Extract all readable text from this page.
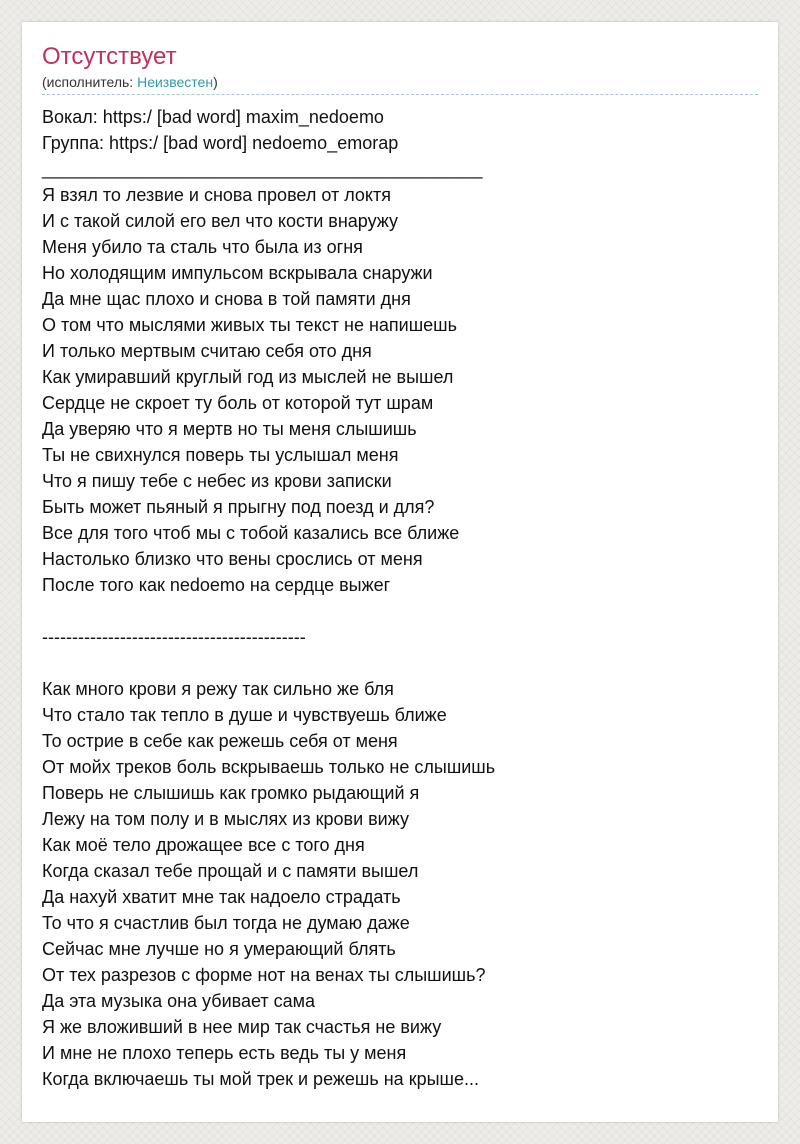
Отсутствует
(исполнитель: Неизвестен)
Вокал: https:/ [bad word] maxim_nedoemo
Группа: https:/ [bad word] nedoemo_emorap
____________________________________________
Я взял то лезвие и снова провел от локтя
И с такой силой его вел что кости внаружу
Меня убило та сталь что была из огня
Но холодящим импульсом вскрывала снаружи
Да мне щас плохо и снова в той памяти дня
О том что мыслями живых ты текст не напишешь
И только мертвым считаю себя ото дня
Как умиравший круглый год из мыслей не вышел
Сердце не скроет ту боль от которой тут шрам
Да уверяю что я мертв но ты меня слышишь
Ты не свихнулся поверь ты услышал меня
Что я пишу тебе с небес из крови записки
Быть может пьяный я прыгну под поезд и для?
Все для того чтоб мы с тобой казались все ближе
Настолько близко что вены срослись от меня
После того как nedoemo на сердце выжег
--------------------------------------------
Как много крови я режу так сильно же бля
Что стало так тепло в душе и чувствуешь ближе
То острие в себе как режешь себя от меня
От мойх треков боль вскрываешь только не слышишь
Поверь не слышишь как громко рыдающий я
Лежу на том полу и в мыслях из крови вижу
Как моё тело дрожащее все с того дня
Когда сказал тебе прощай и с памяти вышел
Да нахуй хватит мне так надоело страдать
То что я счастлив был тогда не думаю даже
Сейчас мне лучше но я умерающий блять
От тех разрезов с форме нот на венах ты слышишь?
Да эта музыка она убивает сама
Я же вложивший в нее мир так счастья не вижу
И мне не плохо теперь есть ведь ты у меня
Когда включаешь ты мой трек и режешь на крыше...
